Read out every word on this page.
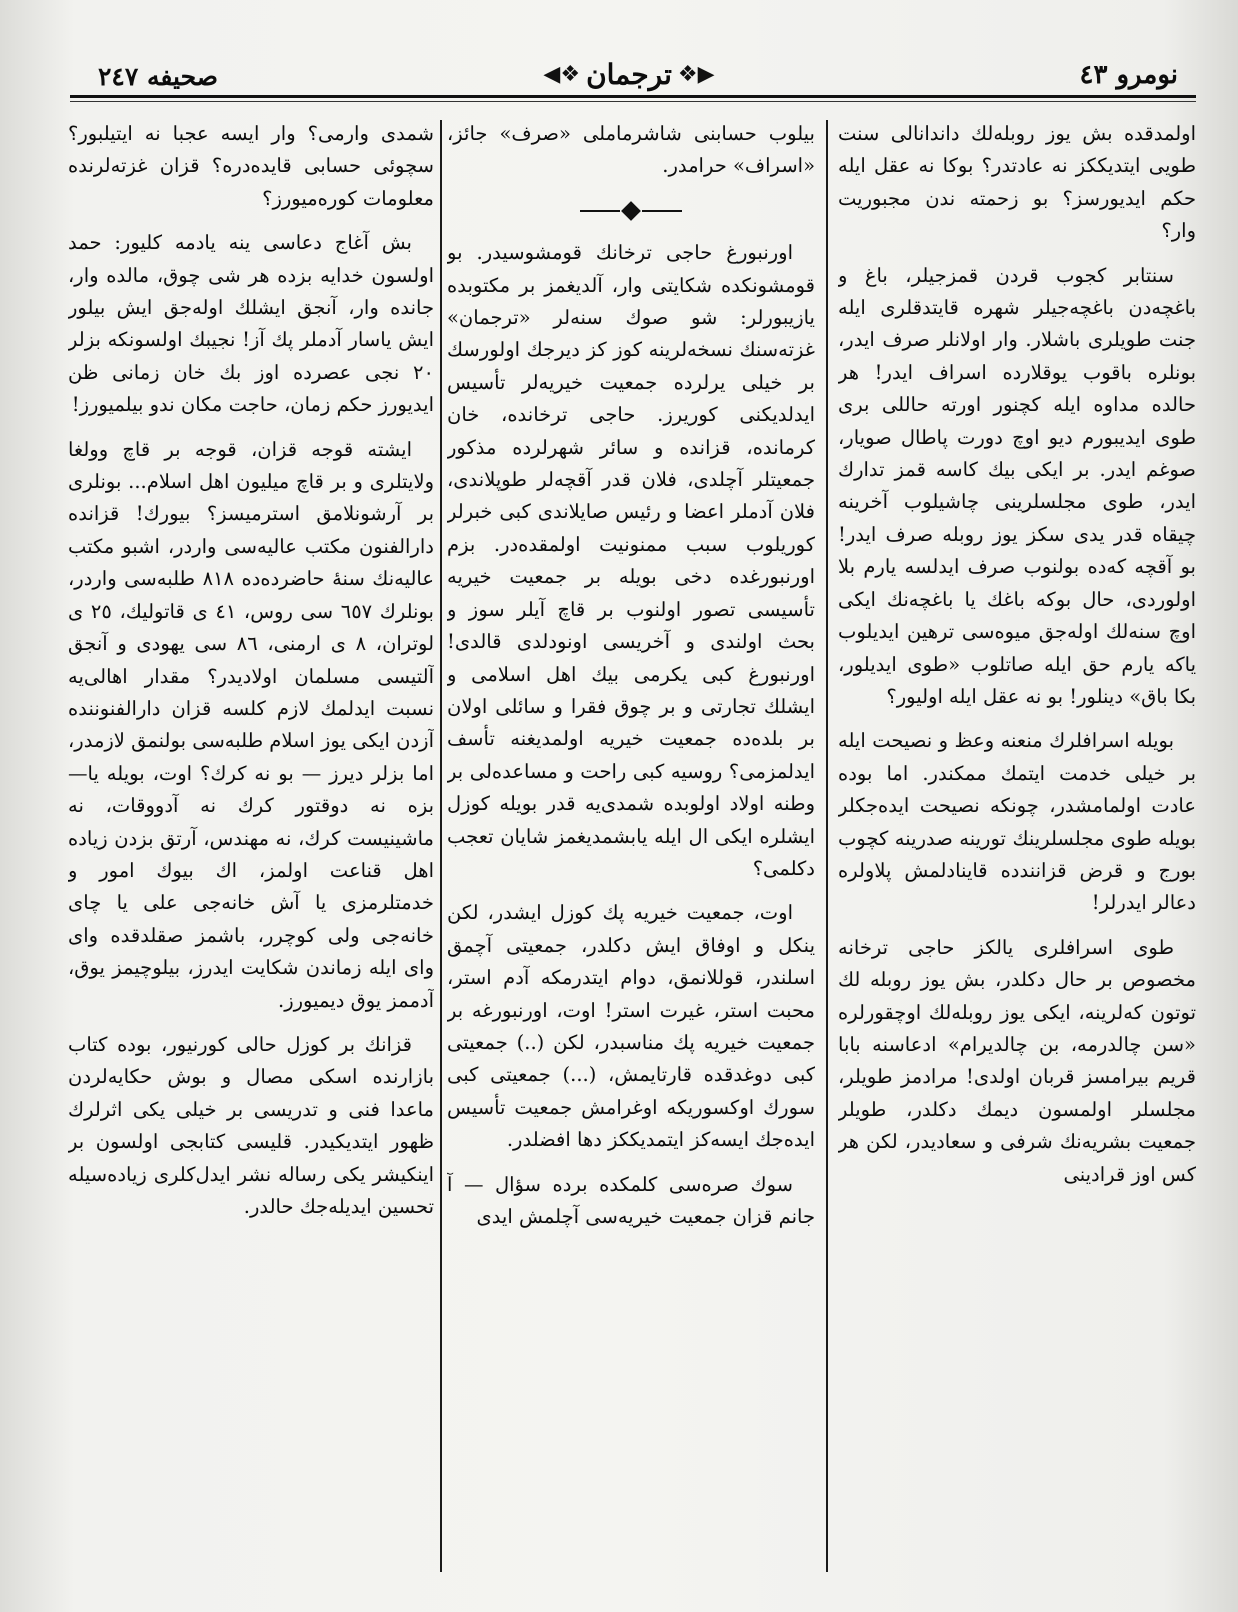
صحيفه ٢٤٧	◀❖ ترجمان ❖▶	نومرو ٤٣

اولمدقده بش يوز روبله‌لك داندانالى سنت طويى ايتديككز نه عادتدر؟ بوكا نه عقل ايله حكم ايديورسز؟ بو زحمته ندن مجبوريت وار؟

سنتابر كجوب قردن قمزجيلر، باغ و باغچه‌دن باغچه‌جيلر شهره قايتدقلرى ايله جنت طويلرى باشلار. وار اولانلر صرف ايدر، بونلره باقوب يوقلارده اسراف ايدر! هر حالده مداوه ايله كچنور اورته حاللى برى طوى ايديبورم ديو اوچ دورت پاطال صويار، صوغم ايدر. بر ايكى بيك كاسه قمز تدارك ايدر، طوى مجلسلرينى چاشيلوب آخرينه چيقاه قدر يدى سكز يوز روبله صرف ايدر! بو آقچه كه‌ده بولنوب صرف ايدلسه يارم بلا اولوردى، حال بوكه باغك يا باغچه‌نك ايكى اوچ سنه‌لك اوله‌جق ميوه‌سى ترهين ايديلوب ياكه يارم حق ايله صاتلوب «طوى ايديلور، بكا باق» دينلور! بو نه عقل ايله اوليور؟

بويله اسرافلرك منعنه وعظ و نصيحت ايله بر خيلى خدمت ايتمك ممكندر. اما بوده عادت اولمامشدر، چونكه نصيحت ايده‌جكلر بويله طوى مجلسلرينك تورينه صدرينه كچوب بورج و قرض قزانندده قاينادلمش پلاولره دعالر ايدرلر!

طوى اسرافلرى يالكز حاجى ترخانه مخصوص بر حال دكلدر، بش يوز روبله لك توتون كه‌لرينه، ايكى يوز روبله‌لك اوچقورلره «سن چالدرمه، بن چالديرام» ادعاسنه بابا قريم بيرامسز قربان اولدى! مرادمز طويلر، مجلسلر اولمسون ديمك دكلدر، طويلر جمعيت بشريه‌نك شرفى و سعاديدر، لكن هر كس اوز قرادينى

بيلوب حسابنى شاشرماملى «صرف» جائز، «اسراف» حرامدر.

اورنبورغ حاجى ترخانك قومشوسيدر. بو قومشونكده شكايتى وار، آلديغمز بر مكتوبده يازيبورلر: شو صوك سنه‌لر «ترجمان» غزته‌سنك نسخه‌لرينه كوز كز ديرجك اولورسك بر خيلى يرلرده جمعيت خيريه‌لر تأسيس ايدلديكنى كوريرز. حاجى ترخانده، خان كرمانده، قزانده و سائر شهرلرده مذكور جمعيتلر آچلدى، فلان قدر آقچه‌لر طوپلاندى، فلان آدملر اعضا و رئيس صايلاندى كبى خبرلر كوريلوب سبب ممنونيت اولمقده‌در. بزم اورنبورغده دخى بويله بر جمعيت خيريه تأسيسى تصور اولنوب بر قاچ آيلر سوز و بحث اولندى و آخريسى اونودلدى قالدى! اورنبورغ كبى يكرمى بيك اهل اسلامى و ايشلك تجارتى و بر چوق فقرا و سائلى اولان بر بلده‌ده جمعيت خيريه اولمديغنه تأسف ايدلمزمى؟ روسيه كبى راحت و مساعده‌لى بر وطنه اولاد اولوبده شمدى‌يه قدر بويله كوزل ايشلره ايكى ال ايله يابشمديغمز شايان تعجب دكلمى؟

اوت، جمعيت خيريه پك كوزل ايشدر، لكن ينكل و اوفاق ايش دكلدر، جمعيتى آچمق اسلندر، قوللانمق، دوام ايتدرمكه آدم استر، محبت استر، غيرت استر! اوت، اورنبورغه بر جمعيت خيريه پك مناسبدر، لكن (..) جمعيتى كبى دوغدقده قارتايمش، (...) جمعيتى كبى سورك اوكسوريكه اوغرامش جمعيت تأسيس ايده‌جك ايسه‌كز ايتمديككز دها افضلدر.

سوك صره‌سى كلمكده برده سؤال — آ جانم قزان جمعيت خيريه‌سى آچلمش ايدى

شمدى وارمى؟ وار ايسه عجبا نه ايتيلبور؟ سچوئى حسابى قايده‌دره؟ قزان غزته‌لرنده معلومات كوره‌ميورز؟

بش آغاج دعاسى ينه يادمه كليور: حمد اولسون خدايه بزده هر شى چوق، مالده وار، جانده وار، آنجق ايشلك اوله‌جق ايش بيلور ايش ياسار آدملر پك آز! نجيبك اولسونكه بزلر ٢٠ نجى عصرده اوز بك خان زمانى ظن ايديورز حكم زمان، حاجت مكان ندو بيلميورز!

ايشته قوجه قزان، قوجه بر قاچ وولغا ولايتلرى و بر قاچ ميليون اهل اسلام... بونلرى بر آرشونلامق استرميسز؟ بيورك! قزانده دارالفنون مكتب عاليه‌سى واردر، اشبو مكتب عاليه‌نك سنهٔ حاضرده‌ده ٨١٨ طلبه‌سى واردر، بونلرك ٦٥٧ سى روس، ٤١ ى قاتوليك، ٢٥ ى لوتران، ٨ ى ارمنى، ٨٦ سى يهودى و آنجق آلتيسى مسلمان اولاديدر؟ مقدار اهالى‌يه نسبت ايدلمك لازم كلسه قزان دارالفنوننده آزدن ايكى يوز اسلام طلبه‌سى بولنمق لازمدر، اما بزلر ديرز — بو نه كرك؟ اوت، بويله يا— بزه نه دوقتور كرك نه آدووقات، نه ماشينيست كرك، نه مهندس، آرتق بزدن زياده اهل قناعت اولمز، اك بيوك امور و خدمتلرمزى يا آش خانه‌جى على يا چاى خانه‌جى ولى كوچرر، باشمز صقلدقده واى واى ايله زماندن شكايت ايدرز، بيلوچيمز يوق، آدممز يوق ديميورز.

قزانك بر كوزل حالى كورنيور، بوده كتاب بازارنده اسكى مصال و بوش حكايه‌لردن ماعدا فنى و تدريسى بر خيلى يكى اثرلرك ظهور ايتديكيدر. قليسى كتابجى اولسون بر اينكيشر يكى رساله نشر ايدل‌كلرى زياده‌سيله تحسين ايديله‌جك حالدر.
